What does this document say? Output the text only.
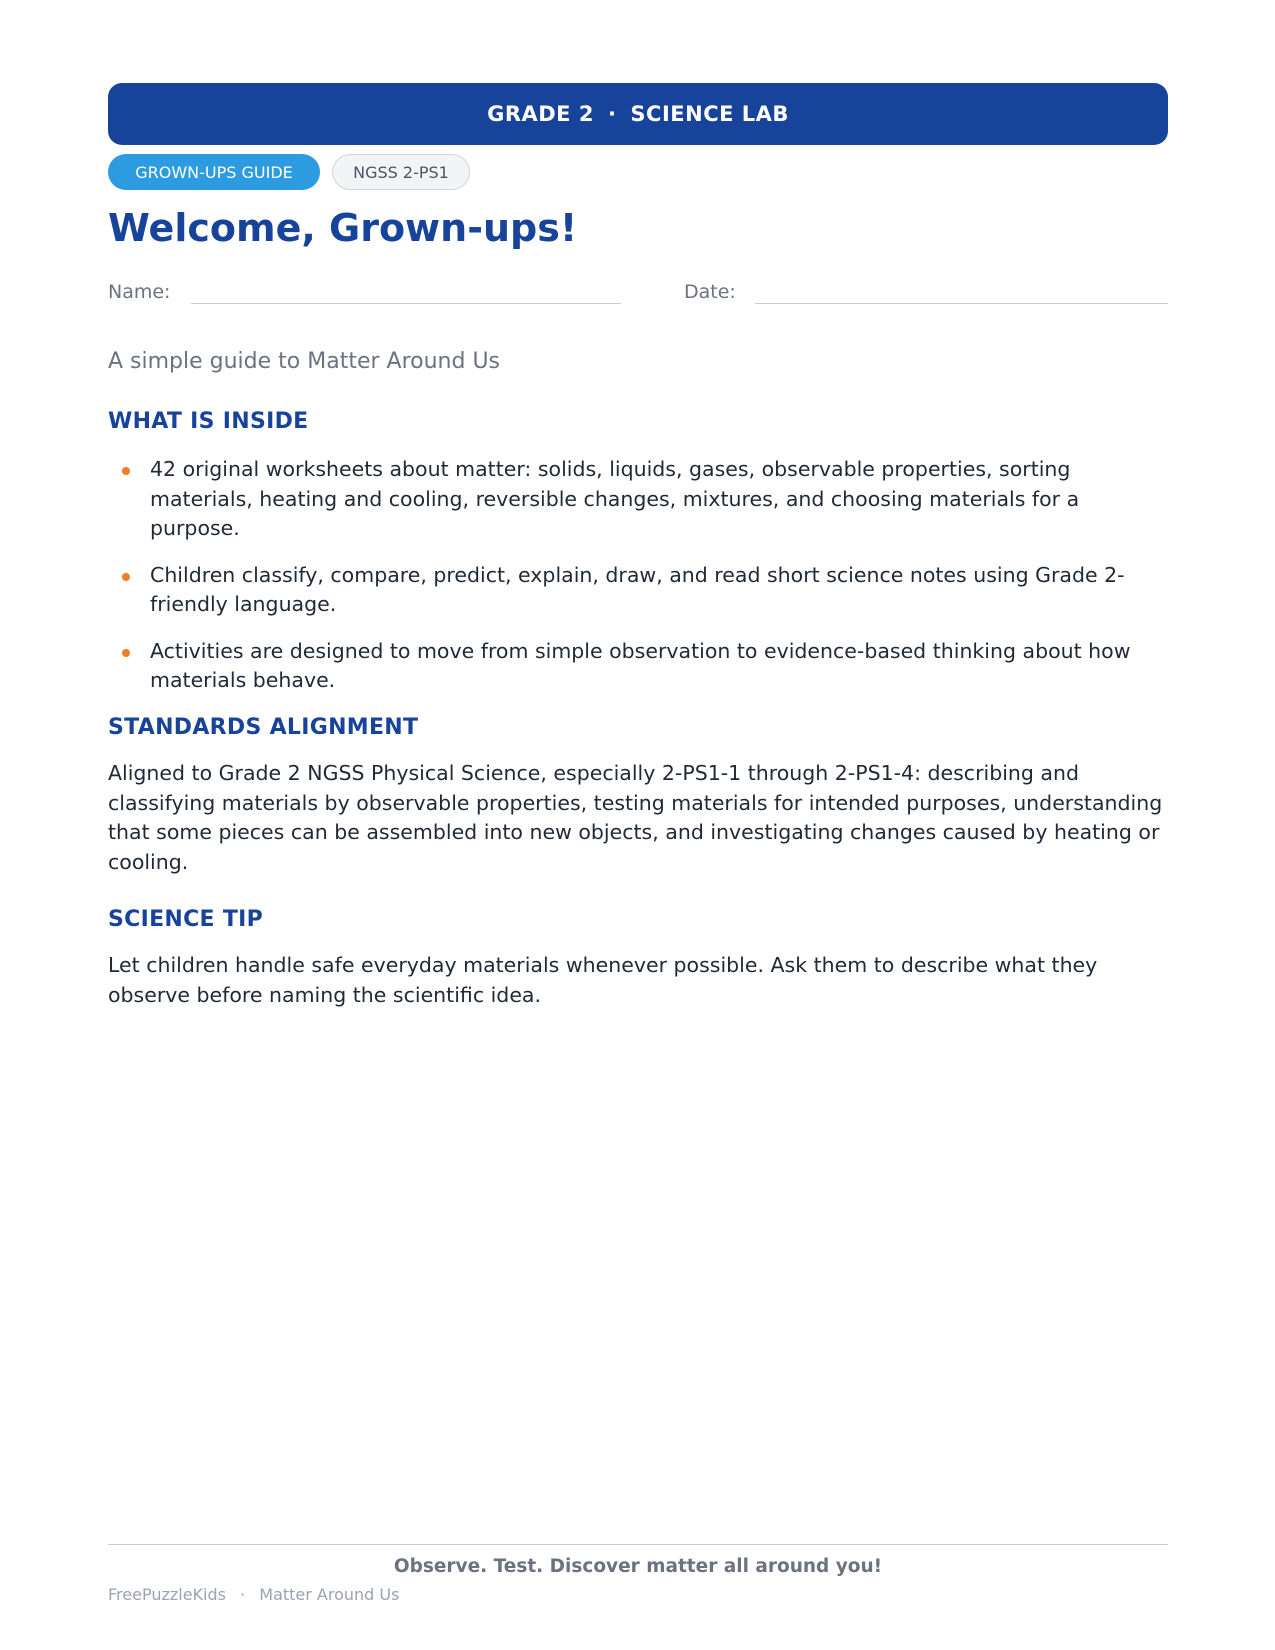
GRADE 2 · SCIENCE LAB
GROWN-UPS GUIDE	NGSS 2-PS1
Welcome, Grown-ups!
Name:	Date:
A simple guide to Matter Around Us
WHAT IS INSIDE
42 original worksheets about matter: solids, liquids, gases, observable properties, sorting materials, heating and cooling, reversible changes, mixtures, and choosing materials for a purpose.
Children classify, compare, predict, explain, draw, and read short science notes using Grade 2-friendly language.
Activities are designed to move from simple observation to evidence-based thinking about how materials behave.
STANDARDS ALIGNMENT

Aligned to Grade 2 NGSS Physical Science, especially 2-PS1-1 through 2-PS1-4: describing and classifying materials by observable properties, testing materials for intended purposes, understanding that some pieces can be assembled into new objects, and investigating changes caused by heating or cooling.

SCIENCE TIP

Let children handle safe everyday materials whenever possible. Ask them to describe what they observe before naming the scientific idea.

Observe. Test. Discover matter all around you!
FreePuzzleKids · Matter Around Us
